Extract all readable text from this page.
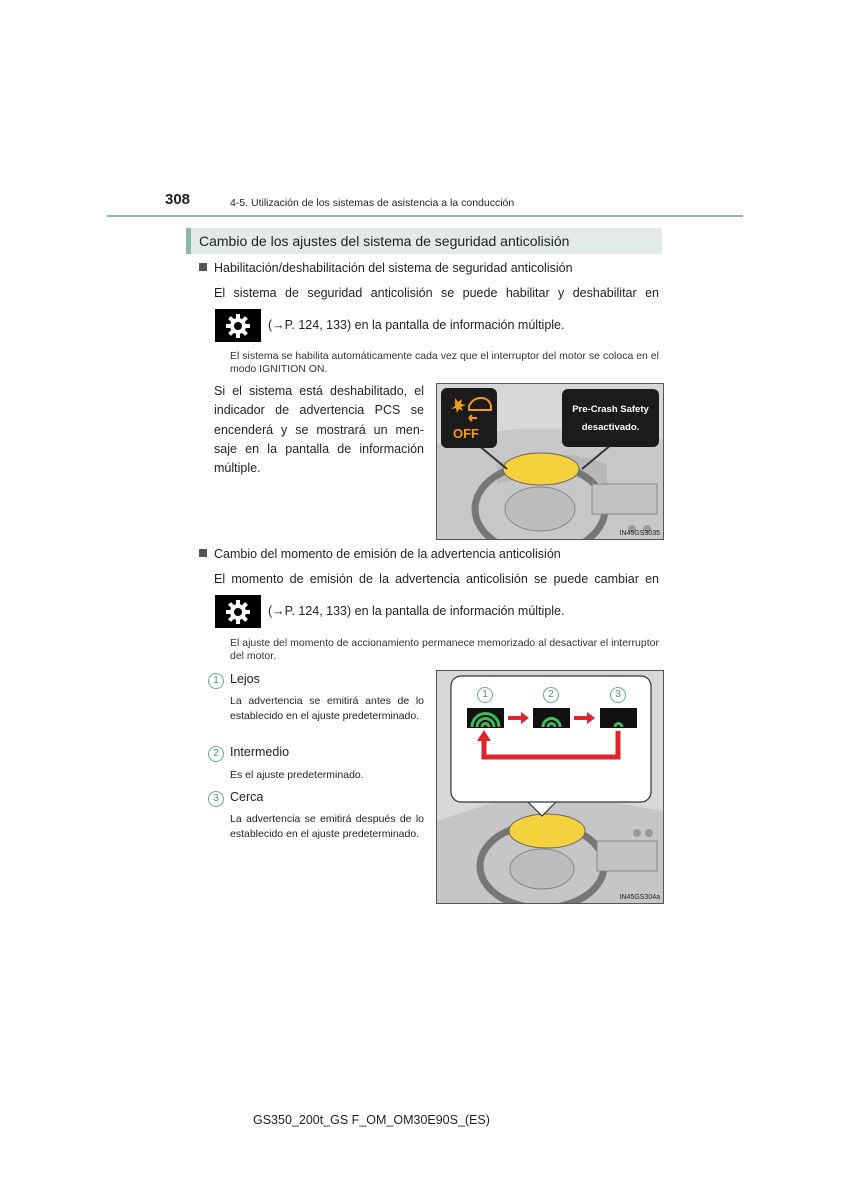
308	4-5. Utilización de los sistemas de asistencia a la conducción
Cambio de los ajustes del sistema de seguridad anticolisión
Habilitación/deshabilitación del sistema de seguridad anticolisión
El sistema de seguridad anticolisión se puede habilitar y deshabilitar en
(→P. 124, 133) en la pantalla de información múltiple.
El sistema se habilita automáticamente cada vez que el interruptor del motor se coloca en el modo IGNITION ON.
Si el sistema está deshabilitado, el
indicador de advertencia PCS se
encenderá y se mostrará un men-
saje en la pantalla de información
múltiple.
OFF
Pre-Crash Safety
desactivado.
IN45GS3035
Cambio del momento de emisión de la advertencia anticolisión
El momento de emisión de la advertencia anticolisión se puede cambiar en
(→P. 124, 133) en la pantalla de información múltiple.
El ajuste del momento de accionamiento permanece memorizado al desactivar el interruptor del motor.
1 Lejos
La advertencia se emitirá antes de lo establecido en el ajuste predeterminado.
2 Intermedio
Es el ajuste predeterminado.
3 Cerca
La advertencia se emitirá después de lo establecido en el ajuste predeterminado.
1	2	3
IN45GS304a
GS350_200t_GS F_OM_OM30E90S_(ES)
